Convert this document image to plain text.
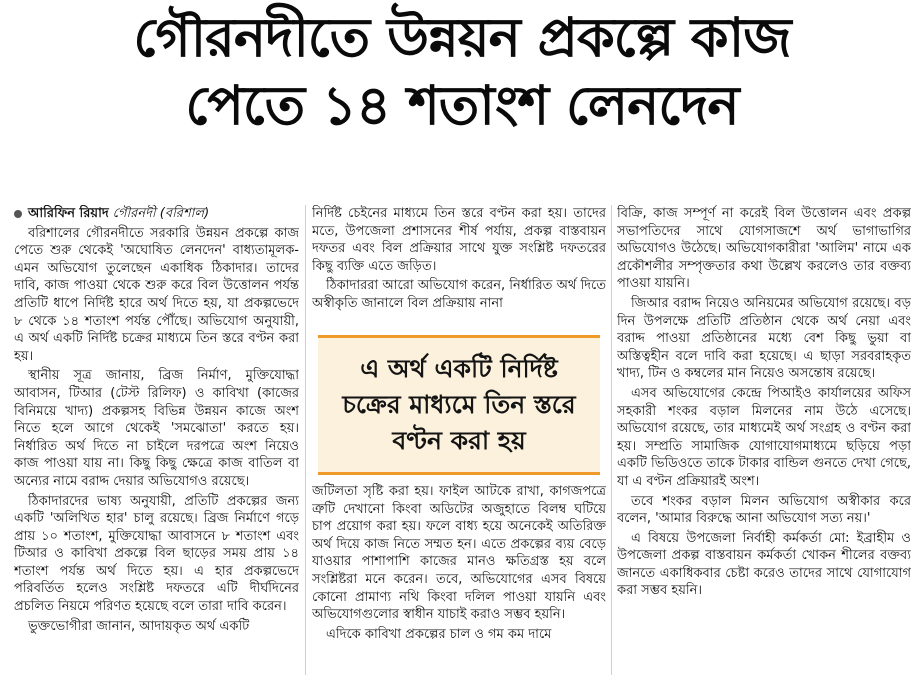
গৌরনদীতে উন্নয়ন প্রকল্পে কাজ
পেতে ১৪ শতাংশ লেনদেন
আরিফিন রিয়াদ গৌরনদী (বরিশাল)

বরিশালের গৌরনদীতে সরকারি উন্নয়ন প্রকল্পে কাজ পেতে শুরু থেকেই 'অঘোষিত লেনদেন' বাধ্যতামূলক- এমন অভিযোগ তুলেছেন একাধিক ঠিকাদার। তাদের দাবি, কাজ পাওয়া থেকে শুরু করে বিল উত্তোলন পর্যন্ত প্রতিটি ধাপে নির্দিষ্ট হারে অর্থ দিতে হয়, যা প্রকল্পভেদে ৮ থেকে ১৪ শতাংশ পর্যন্ত পৌঁছে। অভিযোগ অনুযায়ী, এ অর্থ একটি নির্দিষ্ট চক্রের মাধ্যমে তিন স্তরে বণ্টন করা হয়।

স্থানীয় সূত্র জানায়, ব্রিজ নির্মাণ, মুক্তিযোদ্ধা আবাসন, টিআর (টেস্ট রিলিফ) ও কাবিখা (কাজের বিনিময়ে খাদ্য) প্রকল্পসহ বিভিন্ন উন্নয়ন কাজে অংশ নিতে হলে আগে থেকেই 'সমঝোতা' করতে হয়। নির্ধারিত অর্থ দিতে না চাইলে দরপত্রে অংশ নিয়েও কাজ পাওয়া যায় না। কিছু কিছু ক্ষেত্রে কাজ বাতিল বা অন্যের নামে বরাদ্দ দেয়ার অভিযোগও রয়েছে।

ঠিকাদারদের ভাষ্য অনুযায়ী, প্রতিটি প্রকল্পের জন্য একটি 'অলিখিত হার' চালু রয়েছে। ব্রিজ নির্মাণে গড়ে প্রায় ১০ শতাংশ, মুক্তিযোদ্ধা আবাসনে ৮ শতাংশ এবং টিআর ও কাবিখা প্রকল্পে বিল ছাড়ের সময় প্রায় ১৪ শতাংশ পর্যন্ত অর্থ দিতে হয়। এ হার প্রকল্পভেদে পরিবর্তিত হলেও সংশ্লিষ্ট দফতরে এটি দীর্ঘদিনের প্রচলিত নিয়মে পরিণত হয়েছে বলে তারা দাবি করেন।

ভুক্তভোগীরা জানান, আদায়কৃত অর্থ একটি

নির্দিষ্ট চেইনের মাধ্যমে তিন স্তরে বণ্টন করা হয়। তাদের মতে, উপজেলা প্রশাসনের শীর্ষ পর্যায়, প্রকল্প বাস্তবায়ন দফতর এবং বিল প্রক্রিয়ার সাথে যুক্ত সংশ্লিষ্ট দফতরের কিছু ব্যক্তি এতে জড়িত।

ঠিকাদাররা আরো অভিযোগ করেন, নির্ধারিত অর্থ দিতে অস্বীকৃতি জানালে বিল প্রক্রিয়ায় নানা

জটিলতা সৃষ্টি করা হয়। ফাইল আটকে রাখা, কাগজপত্রে ত্রুটি দেখানো কিংবা অডিটের অজুহাতে বিলম্ব ঘটিয়ে চাপ প্রয়োগ করা হয়। ফলে বাধ্য হয়ে অনেকেই অতিরিক্ত অর্থ দিয়ে কাজ নিতে সম্মত হন। এতে প্রকল্পের ব্যয় বেড়ে যাওয়ার পাশাপাশি কাজের মানও ক্ষতিগ্রস্ত হয় বলে সংশ্লিষ্টরা মনে করেন। তবে, অভিযোগের এসব বিষয়ে কোনো প্রামাণ্য নথি কিংবা দলিল পাওয়া যায়নি এবং অভিযোগগুলোর স্বাধীন যাচাই করাও সম্ভব হয়নি।

এদিকে কাবিখা প্রকল্পের চাল ও গম কম দামে

এ অর্থ একটি নির্দিষ্ট চক্রের মাধ্যমে তিন স্তরে বণ্টন করা হয়

বিক্রি, কাজ সম্পূর্ণ না করেই বিল উত্তোলন এবং প্রকল্প সভাপতিদের সাথে যোগসাজশে অর্থ ভাগাভাগির অভিযোগও উঠেছে। অভিযোগকারীরা 'আলিম' নামে এক প্রকৌশলীর সম্পৃক্ততার কথা উল্লেখ করলেও তার বক্তব্য পাওয়া যায়নি।

জিআর বরাদ্দ নিয়েও অনিয়মের অভিযোগ রয়েছে। বড় দিন উপলক্ষে প্রতিটি প্রতিষ্ঠান থেকে অর্থ নেয়া এবং বরাদ্দ পাওয়া প্রতিষ্ঠানের মধ্যে বেশ কিছু ভুয়া বা অস্তিত্বহীন বলে দাবি করা হয়েছে। এ ছাড়া সরবরাহকৃত খাদ্য, টিন ও কম্বলের মান নিয়েও অসন্তোষ রয়েছে।

এসব অভিযোগের কেন্দ্রে পিআইও কার্যালয়ের অফিস সহকারী শংকর বড়াল মিলনের নাম উঠে এসেছে। অভিযোগ রয়েছে, তার মাধ্যমেই অর্থ সংগ্রহ ও বণ্টন করা হয়। সম্প্রতি সামাজিক যোগাযোগমাধ্যমে ছড়িয়ে পড়া একটি ভিডিওতে তাকে টাকার বান্ডিল গুনতে দেখা গেছে, যা এ বণ্টন প্রক্রিয়ারই অংশ।

তবে শংকর বড়াল মিলন অভিযোগ অস্বীকার করে বলেন, 'আমার বিরুদ্ধে আনা অভিযোগ সত্য নয়।'

এ বিষয়ে উপজেলা নির্বাহী কর্মকর্তা মো: ইব্রাহীম ও উপজেলা প্রকল্প বাস্তবায়ন কর্মকর্তা খোকন শীলের বক্তব্য জানতে একাধিকবার চেষ্টা করেও তাদের সাথে যোগাযোগ করা সম্ভব হয়নি।
